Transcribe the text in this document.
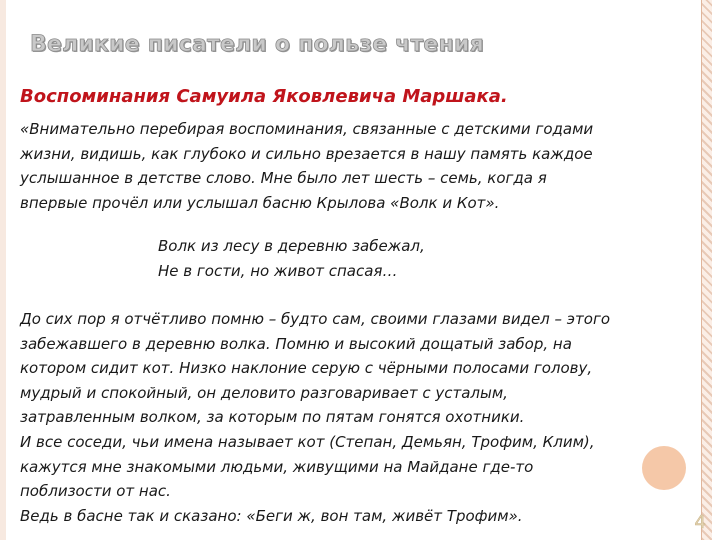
Великие писатели о пользе чтения
Воспоминания Самуила Яковлевича Маршака.

«Внимательно перебирая воспоминания, связанные с детскими годами
жизни, видишь, как глубоко и сильно врезается в нашу память каждое
услышанное в детстве слово. Мне было лет шесть – семь, когда я
впервые прочёл или услышал басню Крылова «Волк и Кот».

Волк из лесу в деревню забежал,
Не в гости, но живот спасая…

До сих пор я отчётливо помню – будто сам, своими глазами видел – этого
забежавшего в деревню волка. Помню и высокий дощатый забор, на
котором сидит кот. Низко наклоние серую с чёрными полосами голову,
мудрый и спокойный, он деловито разговаривает с усталым,
затравленным волком, за которым по пятам гонятся охотники.
И все соседи, чьи имена называет кот (Степан, Демьян, Трофим, Клим),
кажутся мне знакомыми людьми, живущими на Майдане где-то
поблизости от нас.
Ведь в басне так и сказано: «Беги ж, вон там, живёт Трофим».	4
